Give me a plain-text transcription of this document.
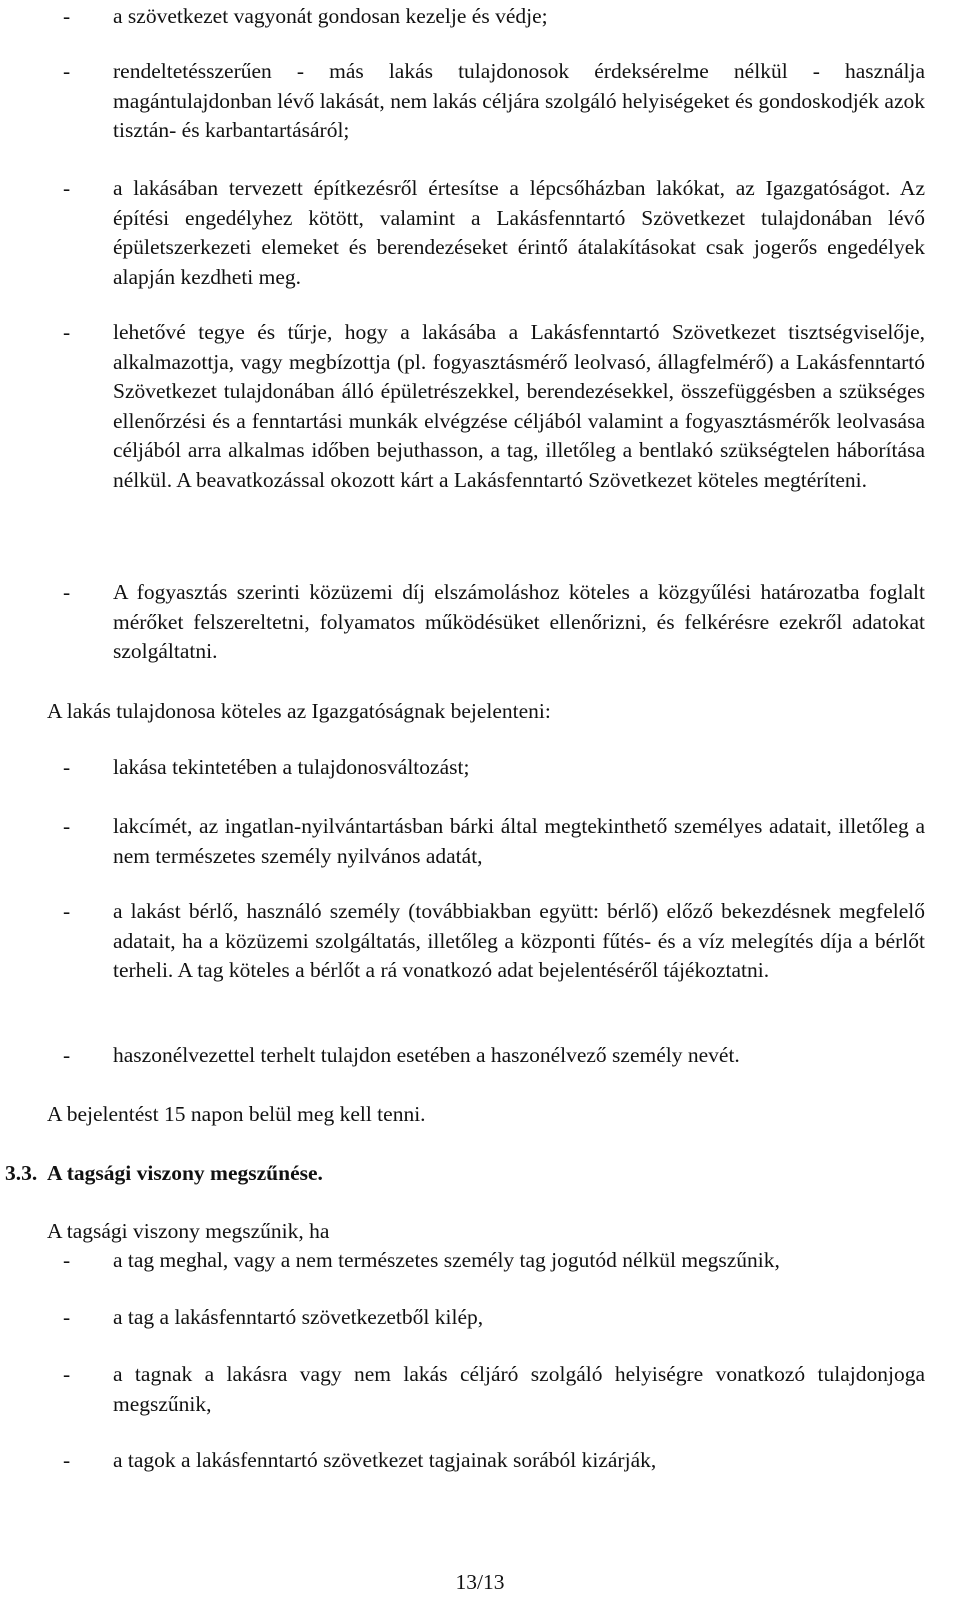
- a szövetkezet vagyonát gondosan kezelje és védje;
- rendeltetésszerűen - más lakás tulajdonosok érdeksérelme nélkül - használja magántulajdonban lévő lakását, nem lakás céljára szolgáló helyiségeket és gondoskodjék azok tisztán- és karbantartásáról;
- a lakásában tervezett építkezésről értesítse a lépcsőházban lakókat, az Igazgatóságot. Az építési engedélyhez kötött, valamint a Lakásfenntartó Szövetkezet tulajdonában lévő épületszerkezeti elemeket és berendezéseket érintő átalakításokat csak jogerős engedélyek alapján kezdheti meg.
- lehetővé tegye és tűrje, hogy a lakásába a Lakásfenntartó Szövetkezet tisztségviselője, alkalmazottja, vagy megbízottja (pl. fogyasztásmérő leolvasó, állagfelmérő) a Lakásfenntartó Szövetkezet tulajdonában álló épületrészekkel, berendezésekkel, összefüggésben a szükséges ellenőrzési és a fenntartási munkák elvégzése céljából valamint a fogyasztásmérők leolvasása céljából arra alkalmas időben bejuthasson, a tag, illetőleg a bentlakó szükségtelen háborítása nélkül. A beavatkozással okozott kárt a Lakásfenntartó Szövetkezet köteles megtéríteni.
- A fogyasztás szerinti közüzemi díj elszámoláshoz köteles a közgyűlési határozatba foglalt mérőket felszereltetni, folyamatos működésüket ellenőrizni, és felkérésre ezekről adatokat szolgáltatni.
A lakás tulajdonosa köteles az Igazgatóságnak bejelenteni:
- lakása tekintetében a tulajdonosváltozást;
- lakcímét, az ingatlan-nyilvántartásban bárki által megtekinthető személyes adatait, illetőleg a nem természetes személy nyilvános adatát,
- a lakást bérlő, használó személy (továbbiakban együtt: bérlő) előző bekezdésnek megfelelő adatait, ha a közüzemi szolgáltatás, illetőleg a központi fűtés- és a víz melegítés díja a bérlőt terheli. A tag köteles a bérlőt a rá vonatkozó adat bejelentéséről tájékoztatni.
- haszonélvezettel terhelt tulajdon esetében a haszonélvező személy nevét.
A bejelentést 15 napon belül meg kell tenni.
3.3. A tagsági viszony megszűnése.
A tagsági viszony megszűnik, ha
- a tag meghal, vagy a nem természetes személy tag jogutód nélkül megszűnik,
- a tag a lakásfenntartó szövetkezetből kilép,
- a tagnak a lakásra vagy nem lakás céljáró szolgáló helyiségre vonatkozó tulajdonjoga megszűnik,
- a tagok a lakásfenntartó szövetkezet tagjainak sorából kizárják,
13/13
